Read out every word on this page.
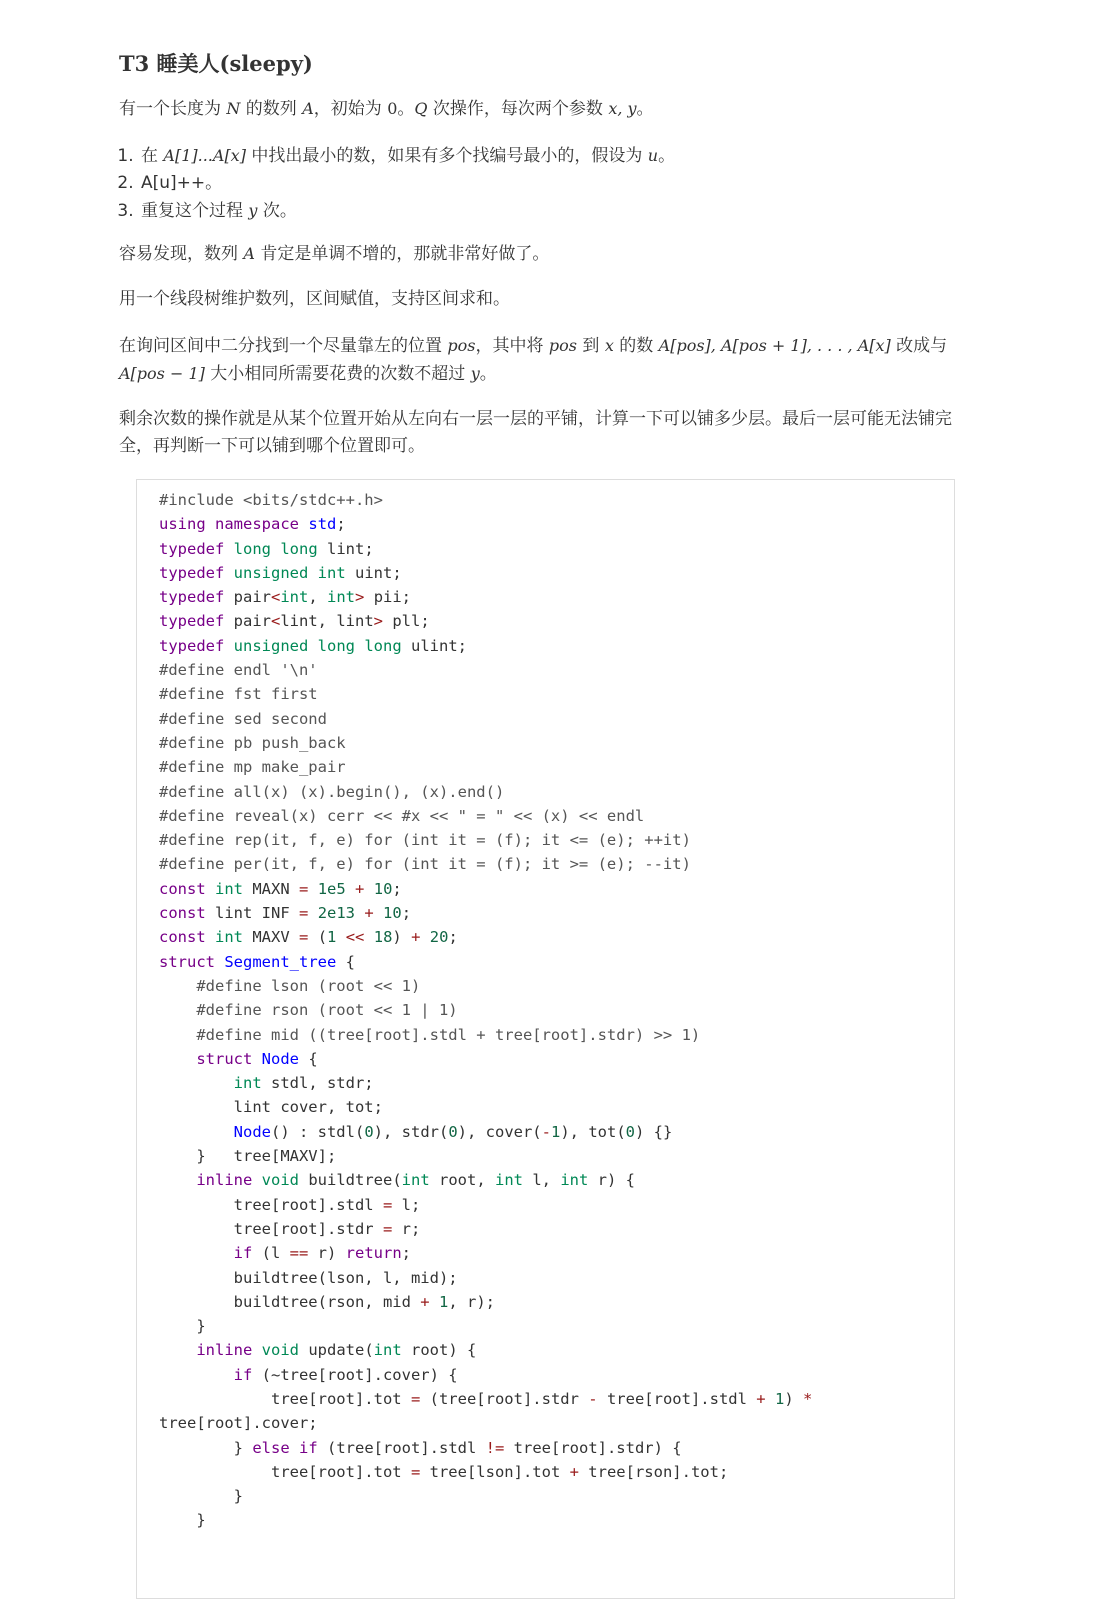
T3 睡美人(sleepy)

有一个长度为 N 的数列 A，初始为 0。Q 次操作，每次两个参数 x, y。

1. 在 A[1]...A[x] 中找出最小的数，如果有多个找编号最小的，假设为 u。
2. A[u]++。
3. 重复这个过程 y 次。

容易发现，数列 A 肯定是单调不增的，那就非常好做了。

用一个线段树维护数列，区间赋值，支持区间求和。

在询问区间中二分找到一个尽量靠左的位置 pos，其中将 pos 到 x 的数 A[pos], A[pos + 1], . . . , A[x] 改成与
A[pos − 1] 大小相同所需要花费的次数不超过 y。

剩余次数的操作就是从某个位置开始从左向右一层一层的平铺，计算一下可以铺多少层。最后一层可能无法铺完全，再判断一下可以铺到哪个位置即可。

#include <bits/stdc++.h>
using namespace std;
typedef long long lint;
typedef unsigned int uint;
typedef pair<int, int> pii;
typedef pair<lint, lint> pll;
typedef unsigned long long ulint;
#define endl '\n'
#define fst first
#define sed second
#define pb push_back
#define mp make_pair
#define all(x) (x).begin(), (x).end()
#define reveal(x) cerr << #x << " = " << (x) << endl
#define rep(it, f, e) for (int it = (f); it <= (e); ++it)
#define per(it, f, e) for (int it = (f); it >= (e); --it)
const int MAXN = 1e5 + 10;
const lint INF = 2e13 + 10;
const int MAXV = (1 << 18) + 20;
struct Segment_tree {
#define lson (root << 1)
#define rson (root << 1 | 1)
#define mid ((tree[root].stdl + tree[root].stdr) >> 1)
struct Node {
int stdl, stdr;
lint cover, tot;
Node() : stdl(0), stdr(0), cover(-1), tot(0) {}
}   tree[MAXV];
inline void buildtree(int root, int l, int r) {
tree[root].stdl = l;
tree[root].stdr = r;
if (l == r) return;
buildtree(lson, l, mid);
buildtree(rson, mid + 1, r);
}
inline void update(int root) {
if (~tree[root].cover) {
tree[root].tot = (tree[root].stdr - tree[root].stdl + 1) *
tree[root].cover;
} else if (tree[root].stdl != tree[root].stdr) {
tree[root].tot = tree[lson].tot + tree[rson].tot;
}
}
